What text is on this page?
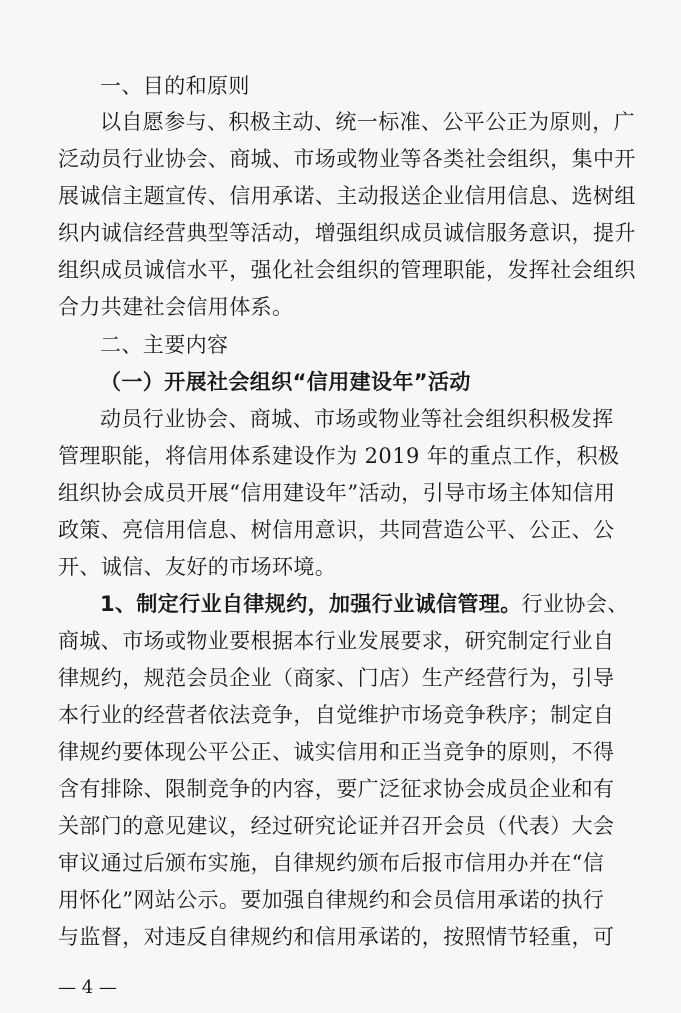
一、目的和原则
以自愿参与、积极主动、统一标准、公平公正为原则，广
泛动员行业协会、商城、市场或物业等各类社会组织，集中开
展诚信主题宣传、信用承诺、主动报送企业信用信息、选树组
织内诚信经营典型等活动，增强组织成员诚信服务意识，提升
组织成员诚信水平，强化社会组织的管理职能，发挥社会组织
合力共建社会信用体系。
二、主要内容
（一）开展社会组织“信用建设年”活动
动员行业协会、商城、市场或物业等社会组织积极发挥
管理职能，将信用体系建设作为 2019 年的重点工作，积极
组织协会成员开展“信用建设年”活动，引导市场主体知信用
政策、亮信用信息、树信用意识，共同营造公平、公正、公
开、诚信、友好的市场环境。
1、制定行业自律规约，加强行业诚信管理。行业协会、
商城、市场或物业要根据本行业发展要求，研究制定行业自
律规约，规范会员企业（商家、门店）生产经营行为，引导
本行业的经营者依法竞争，自觉维护市场竞争秩序；制定自
律规约要体现公平公正、诚实信用和正当竞争的原则，不得
含有排除、限制竞争的内容，要广泛征求协会成员企业和有
关部门的意见建议，经过研究论证并召开会员（代表）大会
审议通过后颁布实施，自律规约颁布后报市信用办并在“信
— 4 —
用怀化”网站公示。要加强自律规约和会员信用承诺的执行
与监督，对违反自律规约和信用承诺的，按照情节轻重，可
